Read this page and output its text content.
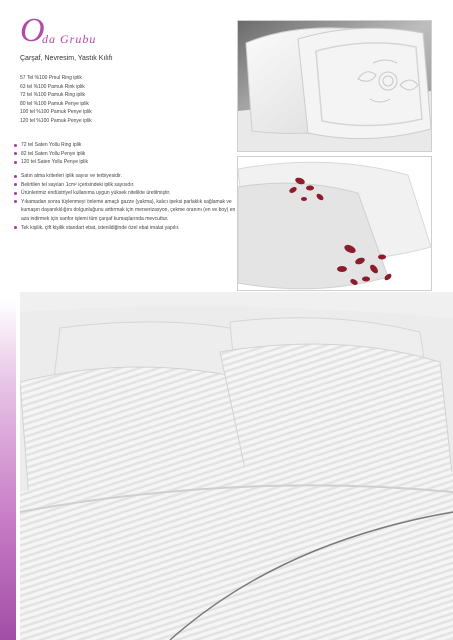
O
da Grubu
Çarşaf, Nevresim, Yastık Kılıfı
57 Tel %100 Pmul Ring iplik
63 tel %100 Pamuk Rink iplik
72 tel %100 Pamuk Ring iplik
80 tel %100 Pamuk Penye iplik
100 tel %100 Pamuk Penye iplik
120 tel %100 Pamuk Penye iplik
72 tel Saten Yollu Ring iplik
82 tel Saten Yollu Penye iplik
120 tel Saten Yollu Penye iplik
Satın alma kriterleri iplik sayısı ve terbiyesidir.
Belirtilen tel sayıları 1cm² içerisindeki iplik sayısıdır.
Ürünlerimiz endüstriyel kullanıma uygun yüksek nitelikte üretilmiştir.
Yıkamadan sonra tüylenmeyi önleme amaçlı gazze (yakma), kalıcı ipeksi parlaklık sağlamak ve kumaşın dayanıklılığını dolgunluğunu arttırmak için merserizasyon, çekme oranını (en ve boy) en aza indirmek için sanfor işlemi tüm çarşaf kumaşlarında mevcuttur.
Tek kişilik, çift kişilik standart ebat, istenildiğinde özel ebat imalat yapılır.
